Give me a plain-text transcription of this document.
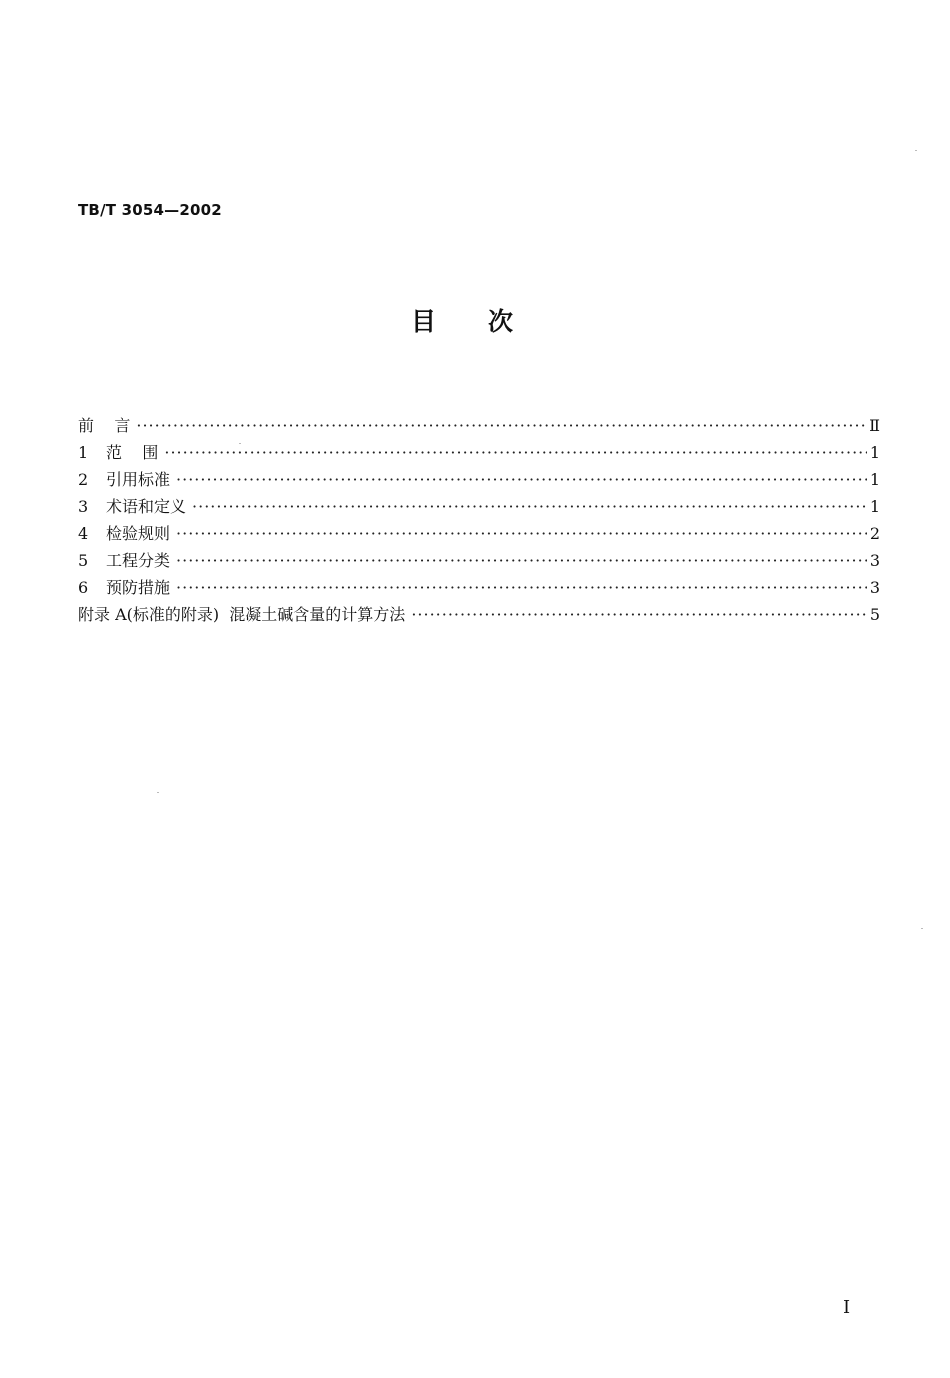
TB/T 3054—2002
目次
前    言 ·····	Ⅱ
1	范    围 ·····	1
2	引用标准 ·····	1
3	术语和定义 ·····	1
4	检验规则 ·····	2
5	工程分类 ·····	3
6	预防措施 ·····	3
附录 A(标准的附录)  混凝土碱含量的计算方法 ·····	5
I
